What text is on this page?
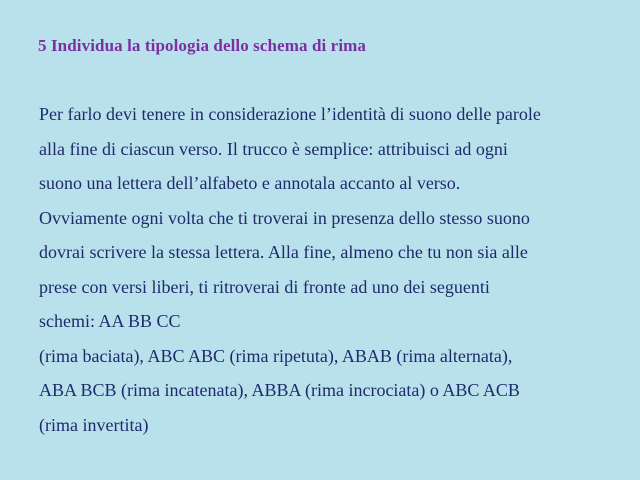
5 Individua la tipologia dello schema di rima
Per farlo devi tenere in considerazione l’identità di suono delle parole
alla fine di ciascun verso. Il trucco è semplice: attribuisci ad ogni
suono una lettera dell’alfabeto e annotala accanto al verso.
Ovviamente ogni volta che ti troverai in presenza dello stesso suono
dovrai scrivere la stessa lettera. Alla fine, almeno che tu non sia alle
prese con versi liberi, ti ritroverai di fronte ad uno dei seguenti
schemi: AA BB CC
(rima baciata), ABC ABC (rima ripetuta), ABAB (rima alternata),
ABA BCB (rima incatenata), ABBA (rima incrociata) o ABC ACB
(rima invertita)
